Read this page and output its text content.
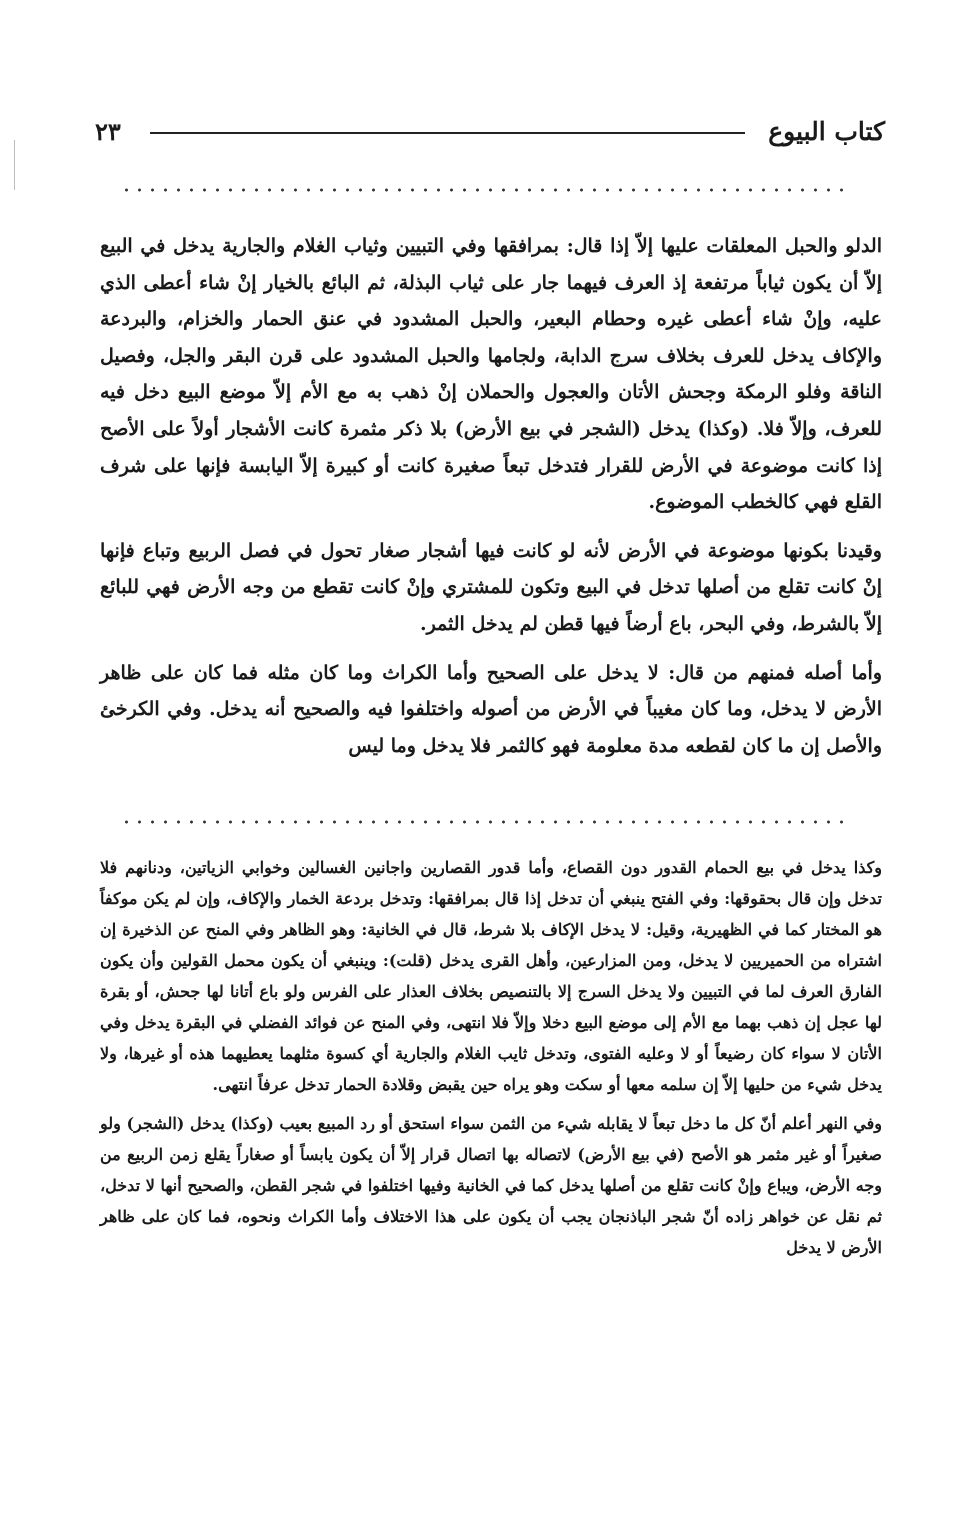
كتاب البيوع
٢٣

الدلو والحبل المعلقات عليها إلاّ إذا قال: بمرافقها وفي التبيين وثياب الغلام والجارية يدخل في البيع إلاّ أن يكون ثياباً مرتفعة إذ العرف فيهما جار على ثياب البذلة، ثم البائع بالخيار إنْ شاء أعطى الذي عليه، وإنْ شاء أعطى غيره وحطام البعير، والحبل المشدود في عنق الحمار والخزام، والبردعة والإكاف يدخل للعرف بخلاف سرج الدابة، ولجامها والحبل المشدود على قرن البقر والجل، وفصيل الناقة وفلو الرمكة وجحش الأتان والعجول والحملان إنْ ذهب به مع الأم إلاّ موضع البيع دخل فيه للعرف، وإلاّ فلا. (وكذا) يدخل (الشجر في بيع الأرض) بلا ذكر مثمرة كانت الأشجار أولاً على الأصح إذا كانت موضوعة في الأرض للقرار فتدخل تبعاً صغيرة كانت أو كبيرة إلاّ اليابسة فإنها على شرف القلع فهي كالخطب الموضوع.

وقيدنا بكونها موضوعة في الأرض لأنه لو كانت فيها أشجار صغار تحول في فصل الربيع وتباع فإنها إنْ كانت تقلع من أصلها تدخل في البيع وتكون للمشتري وإنْ كانت تقطع من وجه الأرض فهي للبائع إلاّ بالشرط، وفي البحر، باع أرضاً فيها قطن لم يدخل الثمر.

وأما أصله فمنهم من قال: لا يدخل على الصحيح وأما الكراث وما كان مثله فما كان على ظاهر الأرض لا يدخل، وما كان مغيباً في الأرض من أصوله واختلفوا فيه والصحيح أنه يدخل. وفي الكرخئ والأصل إن ما كان لقطعه مدة معلومة فهو كالثمر فلا يدخل وما ليس

وكذا يدخل في بيع الحمام القدور دون القصاع، وأما قدور القصارين واجانين الغسالين وخوابي الزياتين، ودنانهم فلا تدخل وإن قال بحقوقها: وفي الفتح ينبغي أن تدخل إذا قال بمرافقها: وتدخل بردعة الخمار والإكاف، وإن لم يكن موكفاً هو المختار كما في الظهيرية، وقيل: لا يدخل الإكاف بلا شرط، قال في الخانية: وهو الظاهر وفي المنح عن الذخيرة إن اشتراه من الحميريين لا يدخل، ومن المزارعين، وأهل القرى يدخل (قلت): وينبغي أن يكون محمل القولين وأن يكون الفارق العرف لما في التبيين ولا يدخل السرج إلا بالتنصيص بخلاف العذار على الفرس ولو باع أتانا لها جحش، أو بقرة لها عجل إن ذهب بهما مع الأم إلى موضع البيع دخلا وإلاّ فلا انتهى، وفي المنح عن فوائد الفضلي في البقرة يدخل وفي الأتان لا سواء كان رضيعاً أو لا وعليه الفتوى، وتدخل ثايب الغلام والجارية أي كسوة مثلهما يعطيهما هذه أو غيرها، ولا يدخل شيء من حليها إلاّ إن سلمه معها أو سكت وهو يراه حين يقبض وقلادة الحمار تدخل عرفاً انتهى.

وفي النهر أعلم أنّ كل ما دخل تبعاً لا يقابله شيء من الثمن سواء استحق أو رد المبيع بعيب (وكذا) يدخل (الشجر) ولو صغيراً أو غير مثمر هو الأصح (في بيع الأرض) لاتصاله بها اتصال قرار إلاّ أن يكون يابساً أو صغاراً يقلع زمن الربيع من وجه الأرض، ويباع وإنْ كانت تقلع من أصلها يدخل كما في الخانية وفيها اختلفوا في شجر القطن، والصحيح أنها لا تدخل، ثم نقل عن خواهر زاده أنّ شجر الباذنجان يجب أن يكون على هذا الاختلاف وأما الكراث ونحوه، فما كان على ظاهر الأرض لا يدخل
